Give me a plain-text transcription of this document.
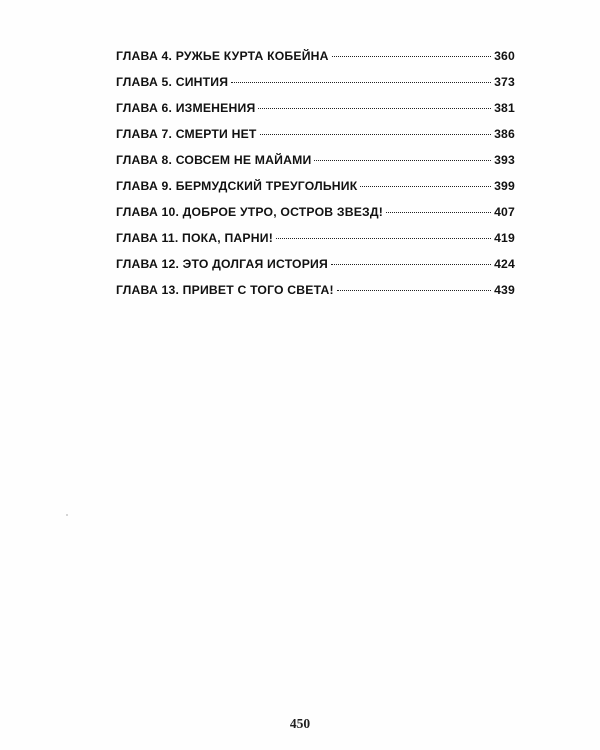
ГЛАВА 4. РУЖЬЕ КУРТА КОБЕЙНА	360
ГЛАВА 5. СИНТИЯ	373
ГЛАВА 6. ИЗМЕНЕНИЯ	381
ГЛАВА 7. СМЕРТИ НЕТ	386
ГЛАВА 8. СОВСЕМ НЕ МАЙАМИ	393
ГЛАВА 9. БЕРМУДСКИЙ ТРЕУГОЛЬНИК	399
ГЛАВА 10. ДОБРОЕ УТРО, ОСТРОВ ЗВЕЗД!	407
ГЛАВА 11. ПОКА, ПАРНИ!	419
ГЛАВА 12. ЭТО ДОЛГАЯ ИСТОРИЯ	424
ГЛАВА 13. ПРИВЕТ С ТОГО СВЕТА!	439
450
